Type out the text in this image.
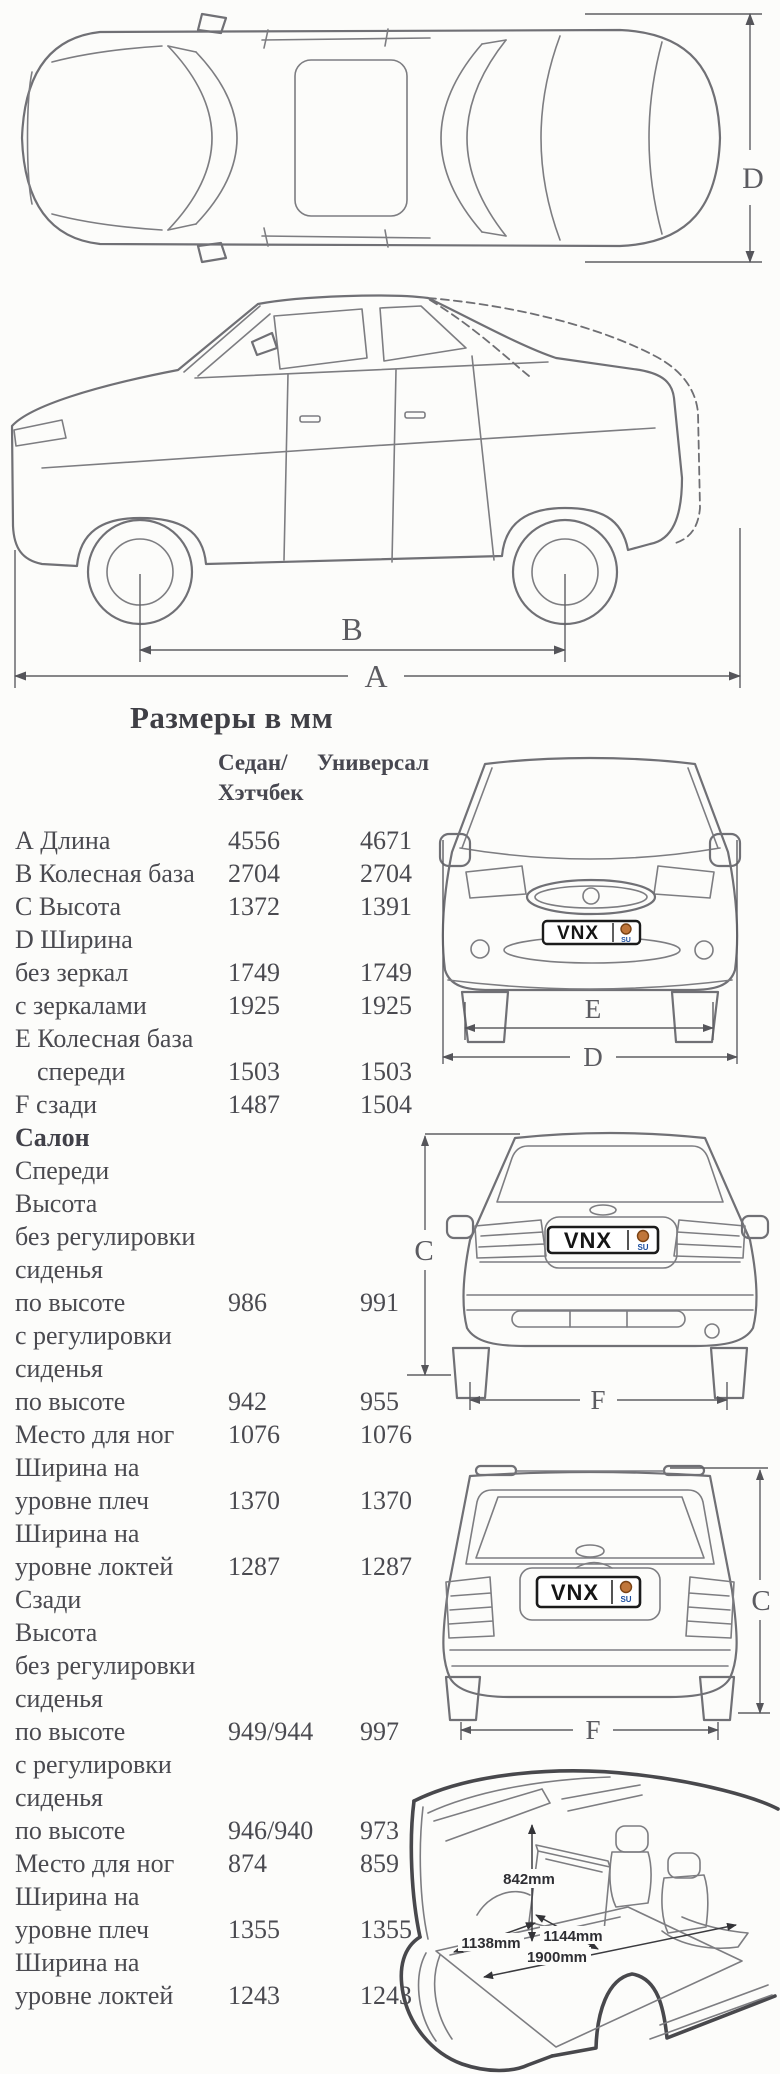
D
B
A
Размеры в мм
Седан/
Хэтчбек
Универсал
А Длина	4556	4671
В Колесная база 2704	2704
С Высота	1372	1391
D Ширина
без зеркал	1749	1749
с зеркалами	1925	1925
Е Колесная база
спереди	1503	1503
F сзади	1487	1504
Салон
Спереди
Высота
без регулировки
сиденья
по высоте	986	991
с регулировки
сиденья
по высоте	942	955
Место для ног 1076	1076
Ширина на
уровне плеч	1370	1370
Ширина на
уровне локтей 1287	1287
Сзади
Высота
без регулировки
сиденья
по высоте	949/944 997
с регулировки
сиденья
по высоте	946/940 973
Место для ног 874	859
Ширина на
уровне плеч	1355	1355
Ширина на
уровне локтей 1243	1243
VNX	SU
E
D
VNX	SU
C
F
VNX	SU	C
F
842mm
1138mm 1144mm
1900mm
